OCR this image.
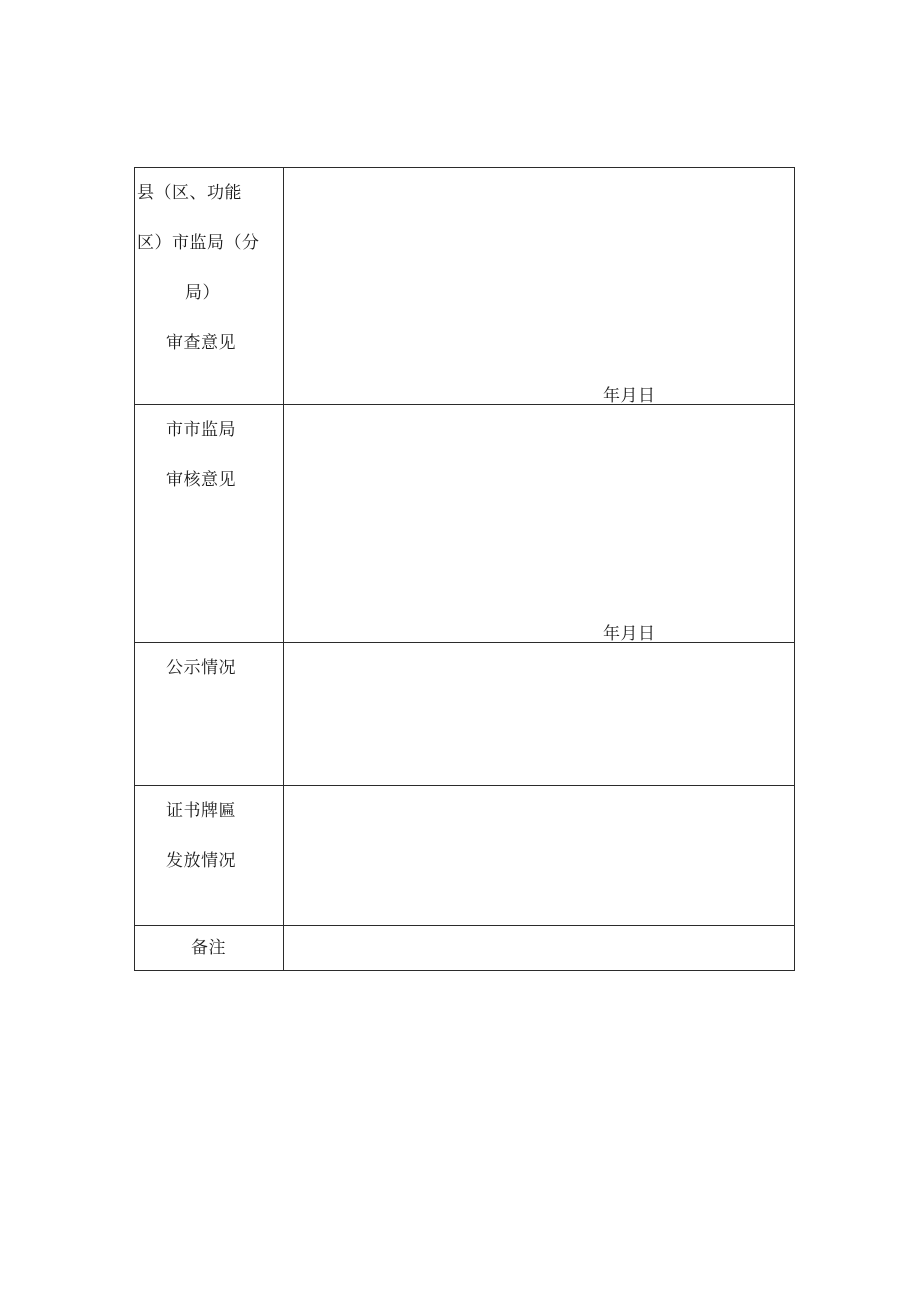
县（区、功能
区）市监局（分
局）
审查意见	年月日

市市监局
审核意见	年月日

公示情况	

证书牌匾
发放情况	

备注	
